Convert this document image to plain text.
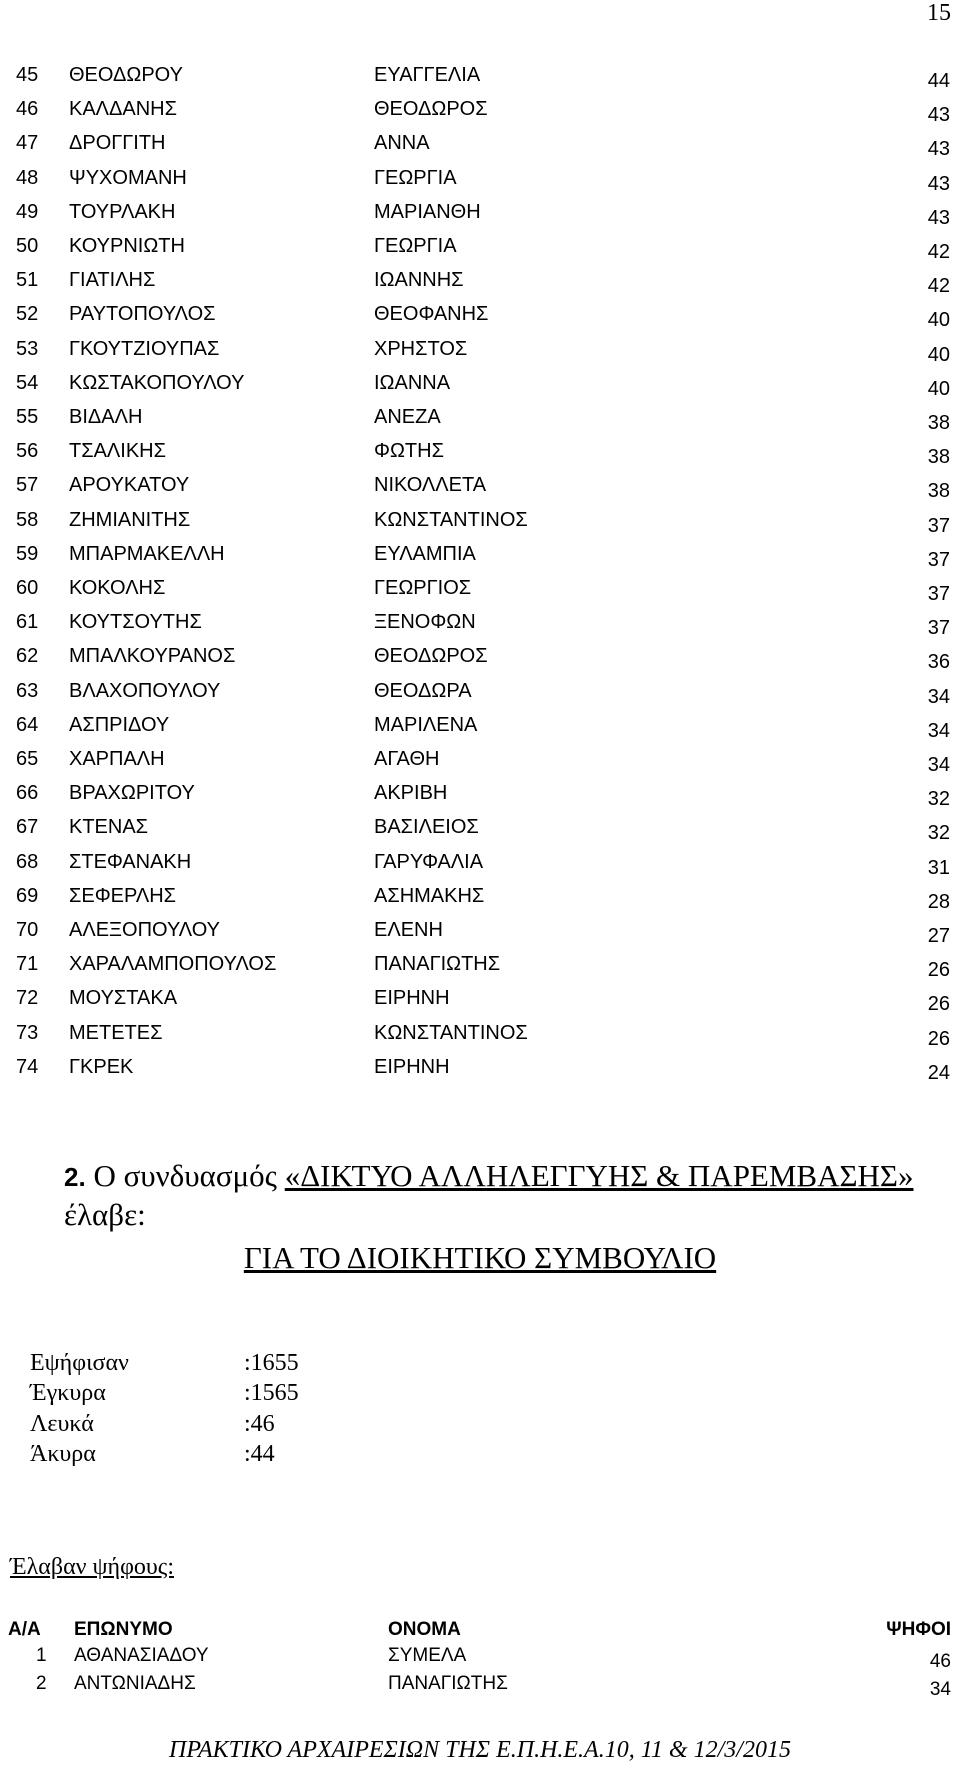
15
45	ΘΕΟΔΩΡΟΥ	ΕΥΑΓΓΕΛΙΑ	44
46	ΚΑΛΔΑΝΗΣ	ΘΕΟΔΩΡΟΣ	43
47	ΔΡΟΓΓΙΤΗ	ΑΝΝΑ	43
48	ΨΥΧΟΜΑΝΗ	ΓΕΩΡΓΙΑ	43
49	ΤΟΥΡΛΑΚΗ	ΜΑΡΙΑΝΘΗ	43
50	ΚΟΥΡΝΙΩΤΗ	ΓΕΩΡΓΙΑ	42
51	ΓΙΑΤΙΛΗΣ	ΙΩΑΝΝΗΣ	42
52	ΡΑΥΤΟΠΟΥΛΟΣ	ΘΕΟΦΑΝΗΣ	40
53	ΓΚΟΥΤΖΙΟΥΠΑΣ	ΧΡΗΣΤΟΣ	40
54	ΚΩΣΤΑΚΟΠΟΥΛΟΥ	ΙΩΑΝΝΑ	40
55	ΒΙΔΑΛΗ	ΑΝΕΖΑ	38
56	ΤΣΑΛΙΚΗΣ	ΦΩΤΗΣ	38
57	ΑΡΟΥΚΑΤΟΥ	ΝΙΚΟΛΛΕΤΑ	38
58	ΖΗΜΙΑΝΙΤΗΣ	ΚΩΝΣΤΑΝΤΙΝΟΣ	37
59	ΜΠΑΡΜΑΚΕΛΛΗ	ΕΥΛΑΜΠΙΑ	37
60	ΚΟΚΟΛΗΣ	ΓΕΩΡΓΙΟΣ	37
61	ΚΟΥΤΣΟΥΤΗΣ	ΞΕΝΟΦΩΝ	37
62	ΜΠΑΛΚΟΥΡΑΝΟΣ	ΘΕΟΔΩΡΟΣ	36
63	ΒΛΑΧΟΠΟΥΛΟΥ	ΘΕΟΔΩΡΑ	34
64	ΑΣΠΡΙΔΟΥ	ΜΑΡΙΛΕΝΑ	34
65	ΧΑΡΠΑΛΗ	ΑΓΑΘΗ	34
66	ΒΡΑΧΩΡΙΤΟΥ	ΑΚΡΙΒΗ	32
67	ΚΤΕΝΑΣ	ΒΑΣΙΛΕΙΟΣ	32
68	ΣΤΕΦΑΝΑΚΗ	ΓΑΡΥΦΑΛΙΑ	31
69	ΣΕΦΕΡΛΗΣ	ΑΣΗΜΑΚΗΣ	28
70	ΑΛΕΞΟΠΟΥΛΟΥ	ΕΛΕΝΗ	27
71	ΧΑΡΑΛΑΜΠΟΠΟΥΛΟΣ	ΠΑΝΑΓΙΩΤΗΣ	26
72	ΜΟΥΣΤΑΚΑ	ΕΙΡΗΝΗ	26
73	ΜΕΤΕΤΕΣ	ΚΩΝΣΤΑΝΤΙΝΟΣ	26
74	ΓΚΡΕΚ	ΕΙΡΗΝΗ	24
2. Ο συνδυασμός «ΔΙΚΤΥΟ ΑΛΛΗΛΕΓΓΥΗΣ & ΠΑΡΕΜΒΑΣΗΣ»
έλαβε:
ΓΙΑ ΤΟ ΔΙΟΙΚΗΤΙΚΟ ΣΥΜΒΟΥΛΙΟ
Εψήφισαν	:1655
Έγκυρα	:1565
Λευκά	:46
Άκυρα	:44
Έλαβαν ψήφους:
Α/Α ΕΠΩΝΥΜΟ	ΟΝΟΜΑ	ΨΗΦΟΙ
1 ΑΘΑΝΑΣΙΑΔΟΥ	ΣΥΜΕΛΑ	46
2 ΑΝΤΩΝΙΑΔΗΣ	ΠΑΝΑΓΙΩΤΗΣ	34
ΠΡΑΚΤΙΚΟ ΑΡΧΑΙΡΕΣΙΩΝ ΤΗΣ Ε.Π.Η.Ε.Α.10, 11 & 12/3/2015
